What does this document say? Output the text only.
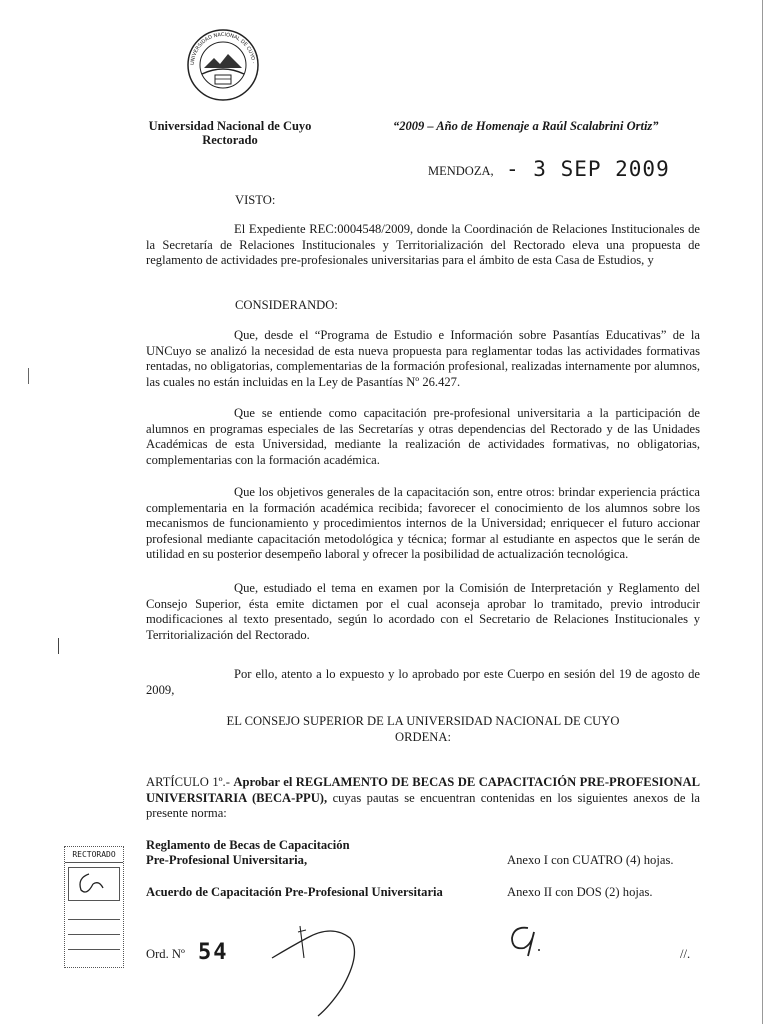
UNIVERSIDAD NACIONAL DE CUYO ·
Universidad Nacional de Cuyo
Rectorado
“2009 – Año de Homenaje a Raúl Scalabrini Ortiz”
MENDOZA, - 3 SEP 2009
VISTO:

El Expediente REC:0004548/2009, donde la Coordinación de Relaciones Institucionales de la Secretaría de Relaciones Institucionales y Territorialización del Rectorado eleva una propuesta de reglamento de actividades pre-profesionales universitarias para el ámbito de esta Casa de Estudios, y

CONSIDERANDO:

Que, desde el “Programa de Estudio e Información sobre Pasantías Educativas” de la UNCuyo se analizó la necesidad de esta nueva propuesta para reglamentar todas las actividades formativas rentadas, no obligatorias, complementarias de la formación profesional, realizadas internamente por alumnos, las cuales no están incluidas en la Ley de Pasantías Nº 26.427.

Que se entiende como capacitación pre-profesional universitaria a la participación de alumnos en programas especiales de las Secretarías y otras dependencias del Rectorado y de las Unidades Académicas de esta Universidad, mediante la realización de actividades formativas, no obligatorias, complementarias con la formación académica.

Que los objetivos generales de la capacitación son, entre otros: brindar experiencia práctica complementaria en la formación académica recibida; favorecer el conocimiento de los alumnos sobre los mecanismos de funcionamiento y procedimientos internos de la Universidad; enriquecer el futuro accionar profesional mediante capacitación metodológica y técnica; formar al estudiante en aspectos que le serán de utilidad en su posterior desempeño laboral y ofrecer la posibilidad de actualización tecnológica.

Que, estudiado el tema en examen por la Comisión de Interpretación y Reglamento del Consejo Superior, ésta emite dictamen por el cual aconseja aprobar lo tramitado, previo introducir modificaciones al texto presentado, según lo acordado con el Secretario de Relaciones Institucionales y Territorialización del Rectorado.

Por ello, atento a lo expuesto y lo aprobado por este Cuerpo en sesión del 19 de agosto de 2009,

EL CONSEJO SUPERIOR DE LA UNIVERSIDAD NACIONAL DE CUYO
ORDENA:

ARTÍCULO 1º.- Aprobar el REGLAMENTO DE BECAS DE CAPACITACIÓN PRE-PROFESIONAL UNIVERSITARIA (BECA-PPU), cuyas pautas se encuentran contenidas en los siguientes anexos de la presente norma:

Reglamento de Becas de Capacitación
Pre-Profesional Universitaria,	Anexo I con CUATRO (4) hojas.
Acuerdo de Capacitación Pre-Profesional Universitaria	Anexo II con DOS (2) hojas.
Ord. Nº 54	//.
RECTORADO
